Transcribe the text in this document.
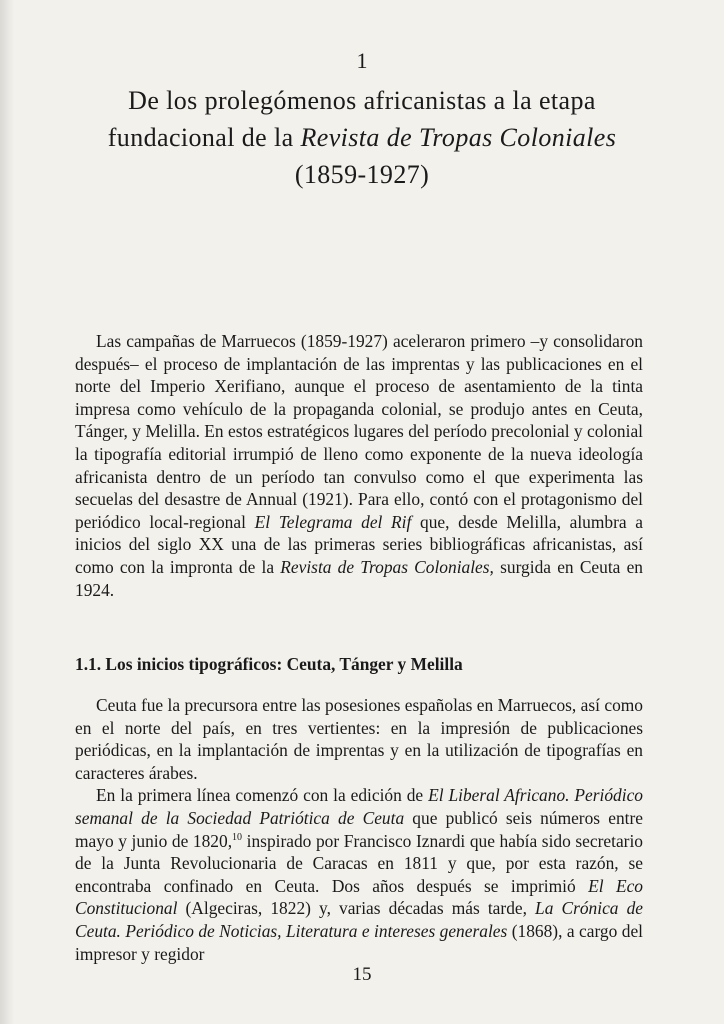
1
De los prolegómenos africanistas a la etapa
fundacional de la Revista de Tropas Coloniales
(1859-1927)

Las campañas de Marruecos (1859-1927) aceleraron primero –y consolidaron después– el proceso de implantación de las imprentas y las publicaciones en el norte del Imperio Xerifiano, aunque el proceso de asentamiento de la tinta impresa como vehículo de la propaganda colonial, se produjo antes en Ceuta, Tánger, y Melilla. En estos estratégicos lugares del período precolonial y colonial la tipografía editorial irrumpió de lleno como exponente de la nueva ideología africanista dentro de un período tan convulso como el que experimenta las secuelas del desastre de Annual (1921). Para ello, contó con el protagonismo del periódico local-regional El Telegrama del Rif que, desde Melilla, alumbra a inicios del siglo XX una de las primeras series bibliográficas africanistas, así como con la impronta de la Revista de Tropas Coloniales, surgida en Ceuta en 1924.

1.1. Los inicios tipográficos: Ceuta, Tánger y Melilla

Ceuta fue la precursora entre las posesiones españolas en Marruecos, así como en el norte del país, en tres vertientes: en la impresión de publicaciones periódicas, en la implantación de imprentas y en la utilización de tipografías en caracteres árabes.

En la primera línea comenzó con la edición de El Liberal Africano. Periódico semanal de la Sociedad Patriótica de Ceuta que publicó seis números entre mayo y junio de 1820,10 inspirado por Francisco Iznardi que había sido secretario de la Junta Revolucionaria de Caracas en 1811 y que, por esta razón, se encontraba confinado en Ceuta. Dos años después se imprimió El Eco Constitucional (Algeciras, 1822) y, varias décadas más tarde, La Crónica de Ceuta. Periódico de Noticias, Literatura e intereses generales (1868), a cargo del impresor y regidor

15
